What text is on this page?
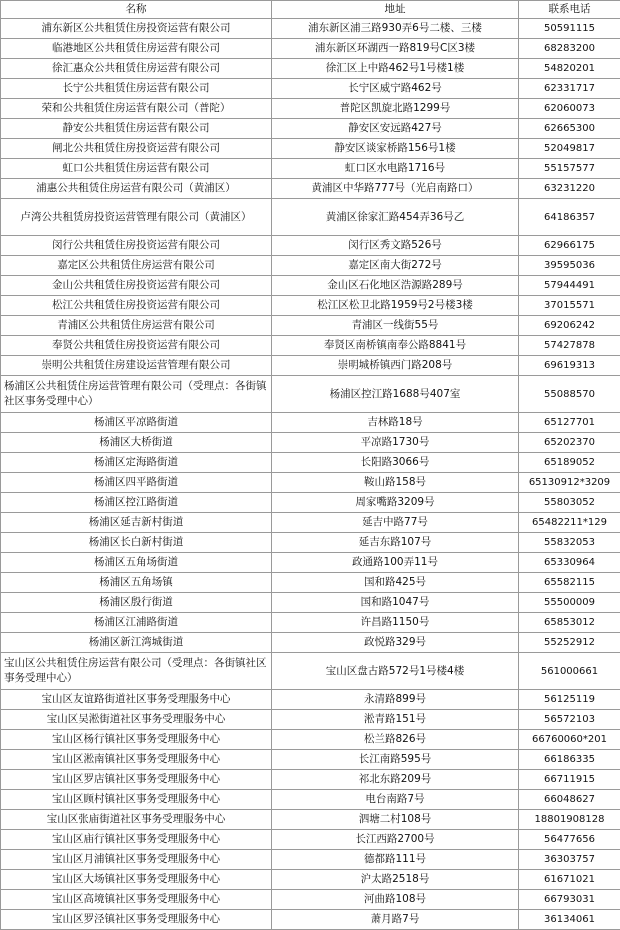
名称	地址	联系电话
浦东新区公共租赁住房投资运营有限公司	浦东新区浦三路930弄6号二楼、三楼	50591115
临港地区公共租赁住房运营有限公司	浦东新区环湖西一路819号C区3楼	68283200
徐汇惠众公共租赁住房运营有限公司	徐汇区上中路462号1号楼1楼	54820201
长宁公共租赁住房运营有限公司	长宁区威宁路462号	62331717
荣和公共租赁住房运营有限公司（普陀）	普陀区凯旋北路1299号	62060073
静安公共租赁住房运营有限公司	静安区安远路427号	62665300
闸北公共租赁住房投资运营有限公司	静安区谈家桥路156号1楼	52049817
虹口公共租赁住房运营有限公司	虹口区水电路1716号	55157577
浦惠公共租赁住房运营有限公司（黄浦区）	黄浦区中华路777号（光启南路口）	63231220
卢湾公共租赁房投资运营管理有限公司（黄浦区）	黄浦区徐家汇路454弄36号乙	64186357
闵行公共租赁住房投资运营有限公司	闵行区秀文路526号	62966175
嘉定区公共租赁住房运营有限公司	嘉定区南大街272号	39595036
金山公共租赁住房投资运营有限公司	金山区石化地区浩源路289号	57944491
松江公共租赁住房投资运营有限公司	松江区松卫北路1959号2号楼3楼	37015571
青浦区公共租赁住房运营有限公司	青浦区一线街55号	69206242
奉贤公共租赁住房投资运营有限公司	奉贤区南桥镇南奉公路8841号	57427878
崇明公共租赁住房建设运营管理有限公司	崇明城桥镇西门路208号	69619313
杨浦区公共租赁住房运营管理有限公司（受理点：各街镇社区事务受理中心）	杨浦区控江路1688号407室	55088570
杨浦区平凉路街道	吉林路18号	65127701
杨浦区大桥街道	平凉路1730号	65202370
杨浦区定海路街道	长阳路3066号	65189052
杨浦区四平路街道	鞍山路158号	65130912*3209
杨浦区控江路街道	周家嘴路3209号	55803052
杨浦区延吉新村街道	延吉中路77号	65482211*129
杨浦区长白新村街道	延吉东路107号	55832053
杨浦区五角场街道	政通路100弄11号	65330964
杨浦区五角场镇	国和路425号	65582115
杨浦区殷行街道	国和路1047号	55500009
杨浦区江浦路街道	许昌路1150号	65853012
杨浦区新江湾城街道	政悦路329号	55252912
宝山区公共租赁住房运营有限公司（受理点：各街镇社区事务受理中心）	宝山区盘古路572号1号楼4楼	561000661
宝山区友谊路街道社区事务受理服务中心	永清路899号	56125119
宝山区吴淞街道社区事务受理服务中心	淞青路151号	56572103
宝山区杨行镇社区事务受理服务中心	松兰路826号	66760060*201
宝山区淞南镇社区事务受理服务中心	长江南路595号	66186335
宝山区罗店镇社区事务受理服务中心	祁北东路209号	66711915
宝山区顾村镇社区事务受理服务中心	电台南路7号	66048627
宝山区张庙街道社区事务受理服务中心	泗塘二村108号	18801908128
宝山区庙行镇社区事务受理服务中心	长江西路2700号	56477656
宝山区月浦镇社区事务受理服务中心	德都路111号	36303757
宝山区大场镇社区事务受理服务中心	沪太路2518号	61671021
宝山区高境镇社区事务受理服务中心	河曲路108号	66793031
宝山区罗泾镇社区事务受理服务中心	萧月路7号	36134061
